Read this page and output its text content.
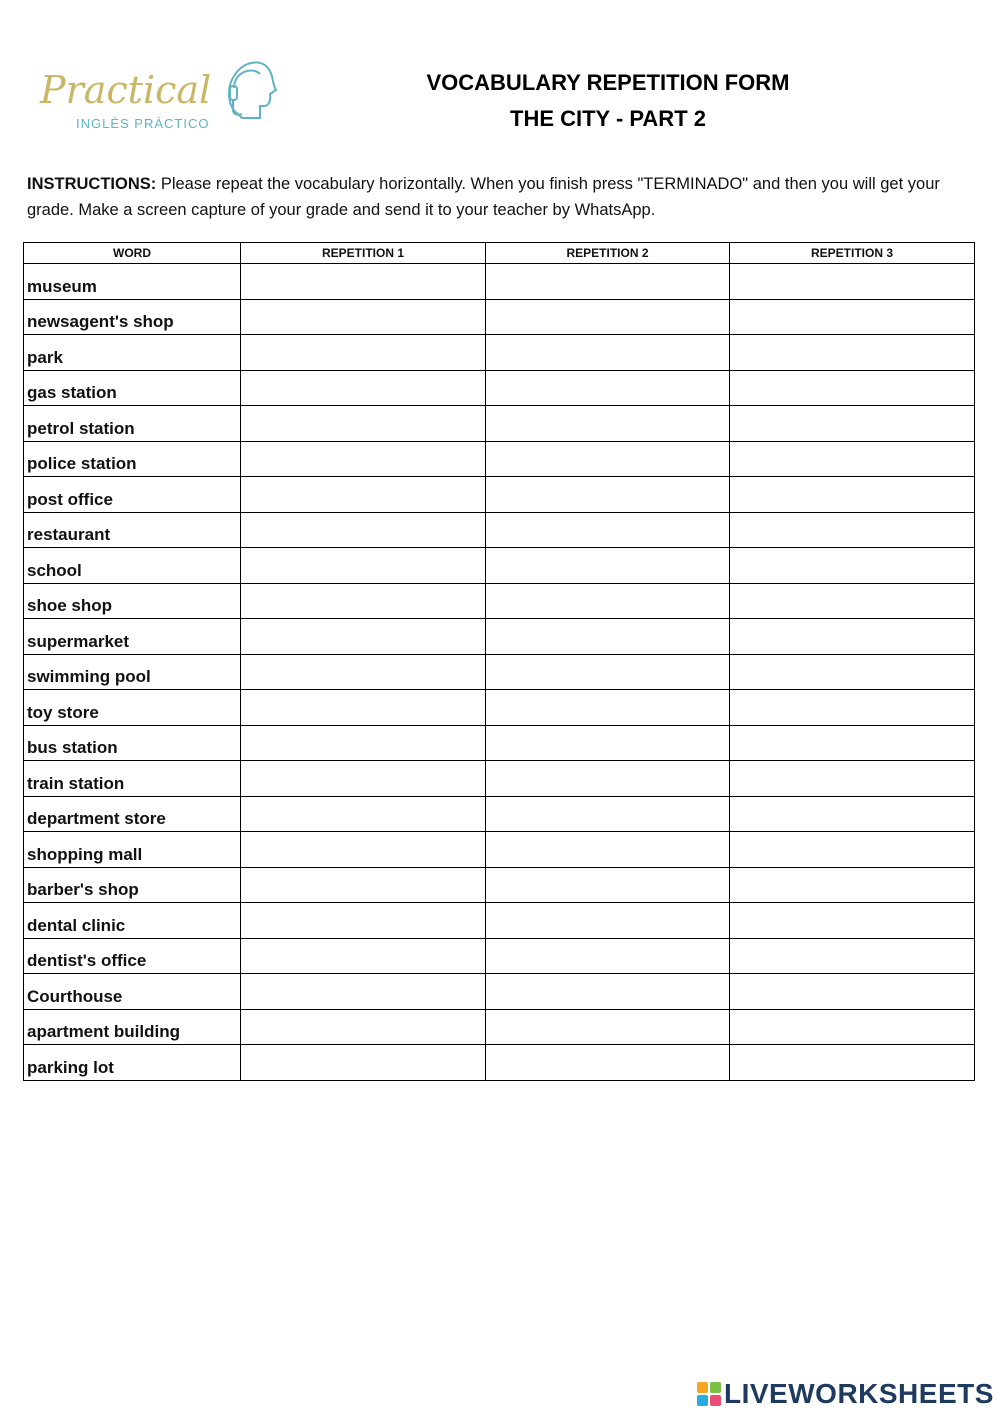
Practical
INGLÉS PRÁCTICO
VOCABULARY REPETITION FORM
THE CITY - PART 2
INSTRUCTIONS: Please repeat the vocabulary horizontally. When you finish press "TERMINADO" and then you will get your grade. Make a screen capture of your grade and send it to your teacher by WhatsApp.
WORD	REPETITION 1	REPETITION 2	REPETITION 3
museum			
newsagent's shop			
park			
gas station			
petrol station			
police station			
post office			
restaurant			
school			
shoe shop			
supermarket			
swimming pool			
toy store			
bus station			
train station			
department store			
shopping mall			
barber's shop			
dental clinic			
dentist's office			
Courthouse			
apartment building			
parking lot			
LIVEWORKSHEETS
